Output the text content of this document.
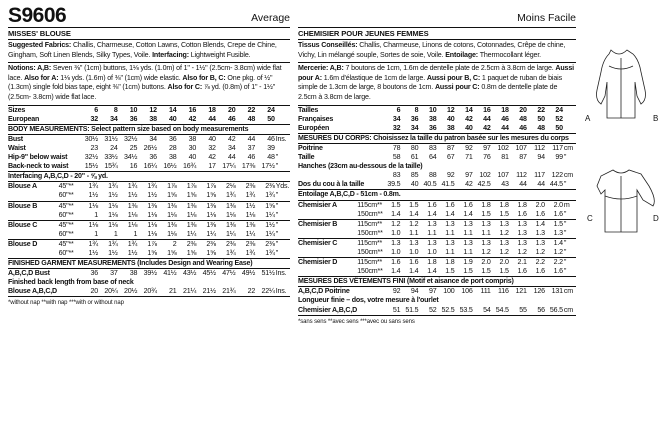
S9606	Average
MISSES' BLOUSE
Suggested Fabrics: Challis, Charmeuse, Cotton Lawns, Cotton Blends, Crepe de Chine, Gingham, Soft Linen Blends, Silky Types, Voile. Interfacing: Lightweight Fusible.
Notions: A,B: Seven ⅜" (1cm) buttons, 1⅛ yds. (1.0m) of 1" - 1½" (2.5cm- 3.8cm) wide flat lace. Also for A: 1⅛ yds. (1.6m) of ⅜" (1cm) wide elastic. Also for B, C: One pkg. of ½" (1.3cm) single fold bias tape, eight ⅜" (1cm) buttons. Also for C: ⅞ yd. (0.8m) of 1" - 1½" (2.5cm- 3.8cm) wide flat lace.
Sizes		6	8	10	12	14	16	18	20	22	24	
European		32	34	36	38	40	42	44	46	48	50	
BODY MEASUREMENTS: Select pattern size based on body measurements												
Bust		30½	31½	32½	34	36	38	40	42	44	46	Ins.
Waist		23	24	25	26½	28	30	32	34	37	39	
Hip-9" below waist		32½	33½	34½	36	38	40	42	44	46	48	"
Back-neck to waist		15½	15¾	16	16¼	16½	16¾	17	17¼	17⅜	17½	"
Interfacing A,B,C,D - 20" - ⅝ yd.												
Blouse A	45"**	1¾	1¾	1¾	1¾	1⅞	1⅞	1⅞	2⅛	2⅜	2⅜	Yds.
	60"**	1½	1½	1½	1½	1⅝	1⅝	1⅝	1¾	1¾	1¾	"
Blouse B	45"**	1⅛	1⅛	1⅜	1⅜	1⅜	1⅜	1⅜	1⅜	1½	1⅝	"
	60"**	1	1⅛	1⅛	1⅛	1⅛	1⅛	1⅛	1⅛	1⅛	1¼	"
Blouse C	45"**	1⅛	1⅛	1⅛	1⅛	1⅜	1⅜	1⅜	1⅜	1⅜	1½	"
	60"**	1	1	1	1⅛	1⅛	1¼	1¼	1¼	1¼	1¼	"
Blouse D	45"**	1¾	1¾	1¾	1⅞	2	2⅜	2⅜	2⅜	2⅜	2⅜	"
	60"**	1½	1½	1½	1⅝	1⅝	1⅝	1⅝	1¾	1¾	1¾	"
FINISHED GARMENT MEASUREMENTS (Includes Design and Wearing Ease)												
A,B,C,D Bust		36	37	38	39½	41½	43½	45½	47½	49½	51½	Ins.
Finished back length from base of neck												
Blouse A,B,C,D		20	20¼	20½	20¾	21	21¼	21½	21¾	22	22¼	Ins.
*without nap **with nap ***with or without nap
Moins Facile
CHEMISIER POUR JEUNES FEMMES
Tissus Conseillés: Challis, Charmeuse, Linons de cotons, Cotonnades, Crêpe de chine, Vichy, Lin mélangé souple, Sortes de soie, Voile. Entoilage: Thermocollant léger.
Mercerie: A,B: 7 boutons de 1cm, 1.6m de dentelle plate de 2.5cm à 3.8cm de large. Aussi pour A: 1.6m d'élastique de 1cm de large. Aussi pour B, C: 1 paquet de ruban de biais simple de 1.3cm de large, 8 boutons de 1cm. Aussi pour C: 0.8m de dentelle plate de 2.5cm à 3.8cm de large.
Tailles		6	8	10	12	14	16	18	20	22	24	
Françaises		34	36	38	40	42	44	46	48	50	52	
Européen		32	34	36	38	40	42	44	46	48	50	
MESURES DU CORPS: Choisissez la taille du patron basée sur les mesures du corps												
Poitrine		78	80	83	87	92	97	102	107	112	117	cm
Taille		58	61	64	67	71	76	81	87	94	99	"
Hanches (23cm au-dessous de la taille)												
		83	85	88	92	97	102	107	112	117	122	cm
Dos du cou à la taille		39.5	40	40.5	41.5	42	42.5	43	44	44	44.5	"
Entoilage A,B,C,D - 51cm - 0.8m.												
Chemisier A	115cm**	1.5	1.5	1.6	1.6	1.6	1.8	1.8	1.8	2.0	2.0	m
	150cm**	1.4	1.4	1.4	1.4	1.4	1.5	1.5	1.6	1.6	1.6	"
Chemisier B	115cm**	1.2	1.2	1.3	1.3	1.3	1.3	1.3	1.3	1.4	1.5	"
	150cm**	1.0	1.1	1.1	1.1	1.1	1.1	1.2	1.3	1.3	1.3	"
Chemisier C	115cm**	1.3	1.3	1.3	1.3	1.3	1.3	1.3	1.3	1.3	1.4	"
	150cm**	1.0	1.0	1.0	1.1	1.1	1.2	1.2	1.2	1.2	1.2	"
Chemisier D	115cm**	1.6	1.6	1.8	1.8	1.9	2.0	2.0	2.1	2.2	2.2	"
	150cm**	1.4	1.4	1.4	1.5	1.5	1.5	1.5	1.6	1.6	1.6	"
MESURES DES VÊTEMENTS FINI (Motif et aisance de port compris)												
A,B,C,D Poitrine		92	94	97	100	106	111	116	121	126	131	cm
Longueur finie – dos, votre mesure à l'ourlet												
Chemisier A,B,C,D		51	51.5	52	52.5	53.5	54	54.5	55	56	56.5	cm
*sans sens **avec sens ***avec ou sans sens
A	B
C	D
